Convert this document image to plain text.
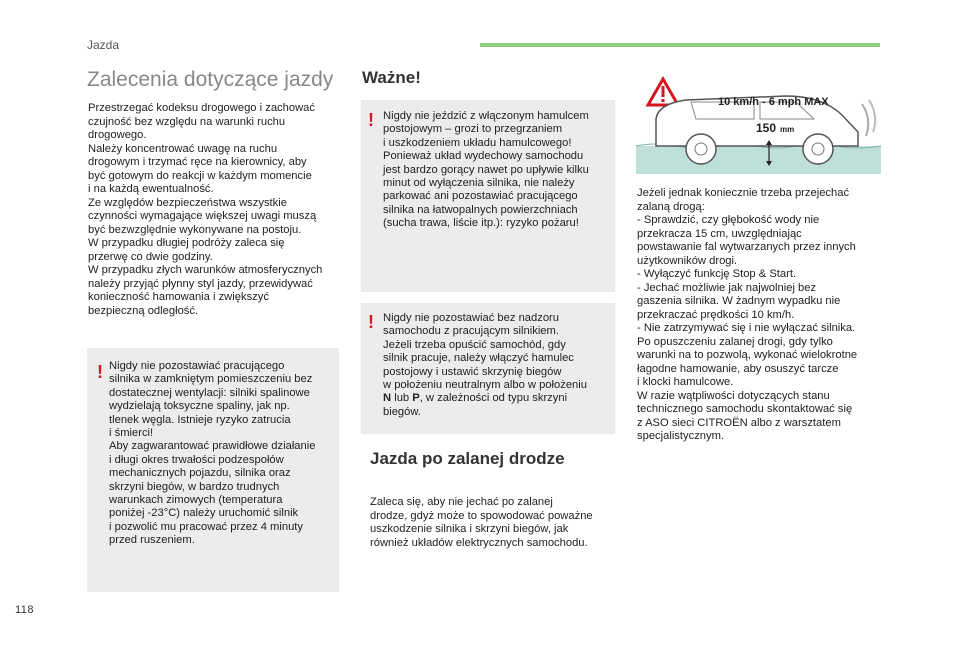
Jazda
Zalecenia dotyczące jazdy
Przestrzegać kodeksu drogowego i zachować
czujność bez względu na warunki ruchu
drogowego.
Należy koncentrować uwagę na ruchu
drogowym i trzymać ręce na kierownicy, aby
być gotowym do reakcji w każdym momencie
i na każdą ewentualność.
Ze względów bezpieczeństwa wszystkie
czynności wymagające większej uwagi muszą
być bezwzględnie wykonywane na postoju.
W przypadku długiej podróży zaleca się
przerwę co dwie godziny.
W przypadku złych warunków atmosferycznych
należy przyjąć płynny styl jazdy, przewidywać
konieczność hamowania i zwiększyć
bezpieczną odległość.
! Nigdy nie pozostawiać pracującego
silnika w zamkniętym pomieszczeniu bez
dostatecznej wentylacji: silniki spalinowe
wydzielają toksyczne spaliny, jak np.
tlenek węgla. Istnieje ryzyko zatrucia
i śmierci!
Aby zagwarantować prawidłowe działanie
i długi okres trwałości podzespołów
mechanicznych pojazdu, silnika oraz
skrzyni biegów, w bardzo trudnych
warunkach zimowych (temperatura
poniżej -23°C) należy uruchomić silnik
i pozwolić mu pracować przez 4 minuty
przed ruszeniem.
Ważne!
! Nigdy nie jeździć z włączonym hamulcem
postojowym – grozi to przegrzaniem
i uszkodzeniem układu hamulcowego!
Ponieważ układ wydechowy samochodu
jest bardzo gorący nawet po upływie kilku
minut od wyłączenia silnika, nie należy
parkować ani pozostawiać pracującego
silnika na łatwopalnych powierzchniach
(sucha trawa, liście itp.): ryzyko pożaru!
! Nigdy nie pozostawiać bez nadzoru
samochodu z pracującym silnikiem.
Jeżeli trzeba opuścić samochód, gdy
silnik pracuje, należy włączyć hamulec
postojowy i ustawić skrzynię biegów
w położeniu neutralnym albo w położeniu
N lub P, w zależności od typu skrzyni
biegów.
Jazda po zalanej drodze
Zaleca się, aby nie jechać po zalanej
drodze, gdyż może to spowodować poważne
uszkodzenie silnika i skrzyni biegów, jak
również układów elektrycznych samochodu.
10 km/h - 6 mph MAX
150 mm
Jeżeli jednak koniecznie trzeba przejechać
zalaną drogą:
- Sprawdzić, czy głębokość wody nie
przekracza 15 cm, uwzględniając
powstawanie fal wytwarzanych przez innych
użytkowników drogi.
- Wyłączyć funkcję Stop & Start.
- Jechać możliwie jak najwolniej bez
gaszenia silnika. W żadnym wypadku nie
przekraczać prędkości 10 km/h.
- Nie zatrzymywać się i nie wyłączać silnika.
Po opuszczeniu zalanej drogi, gdy tylko
warunki na to pozwolą, wykonać wielokrotne
łagodne hamowanie, aby osuszyć tarcze
i klocki hamulcowe.
W razie wątpliwości dotyczących stanu
technicznego samochodu skontaktować się
z ASO sieci CITROËN albo z warsztatem
specjalistycznym.
118
